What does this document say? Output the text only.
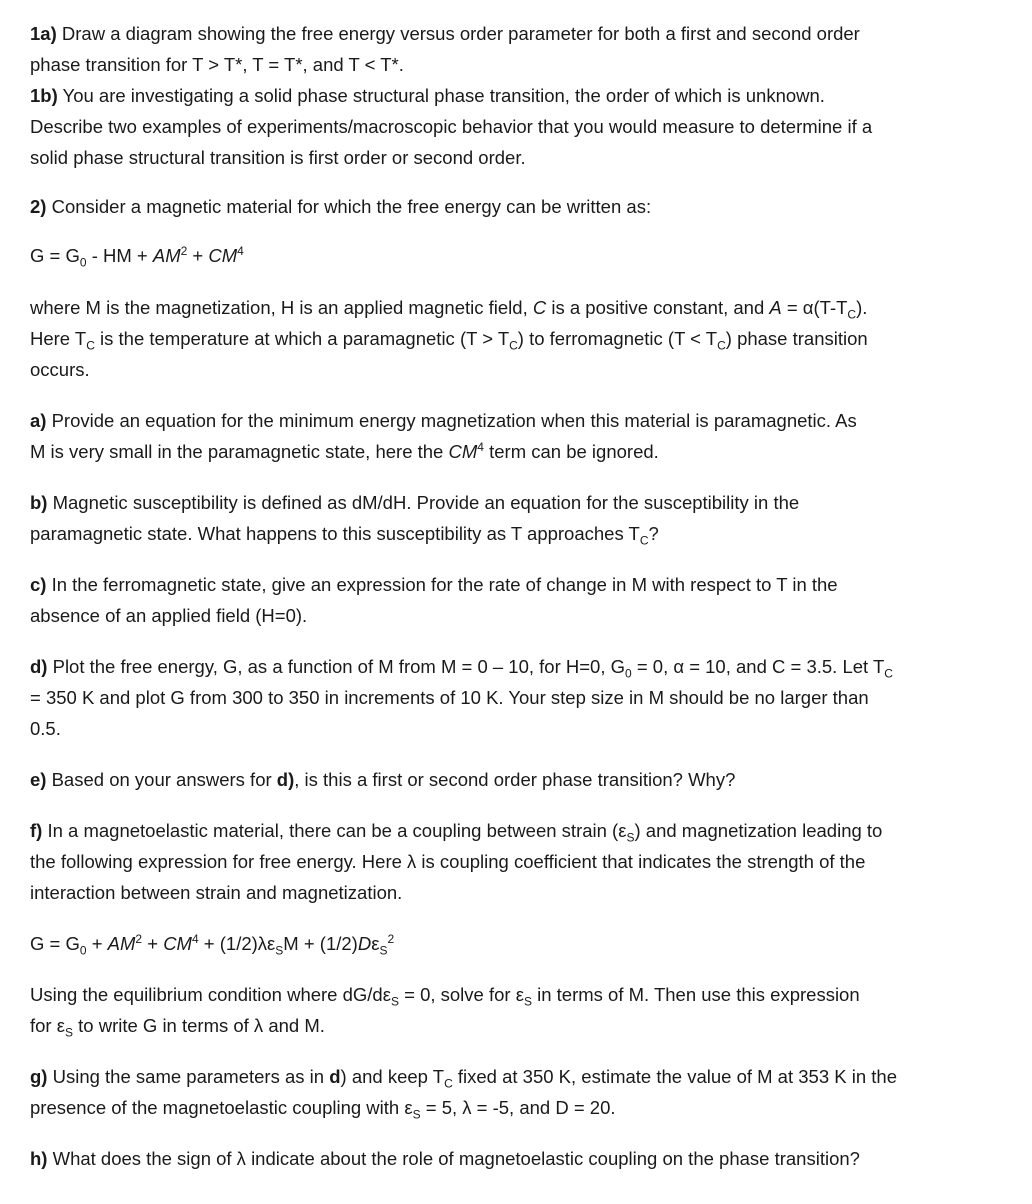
1a) Draw a diagram showing the free energy versus order parameter for both a first and second order
phase transition for T > T*, T = T*, and T < T*.

1b) You are investigating a solid phase structural phase transition, the order of which is unknown.
Describe two examples of experiments/macroscopic behavior that you would measure to determine if a
solid phase structural transition is first order or second order.

2) Consider a magnetic material for which the free energy can be written as:

$G = G_0$ - HM + $AM^2 + CM^4$

where M is the magnetization, H is an applied magnetic field, C is a positive constant, and $A = \alpha(T-T_C)$.
Here $T_C$ is the temperature at which a paramagnetic $(T > T_C)$ to ferromagnetic $(T < T_C)$ phase transition
occurs.

a) Provide an equation for the minimum energy magnetization when this material is paramagnetic. As
M is very small in the paramagnetic state, here the $CM^4$ term can be ignored.

b) Magnetic susceptibility is defined as dM/dH. Provide an equation for the susceptibility in the
paramagnetic state. What happens to this susceptibility as T approaches $T_C$?

c) In the ferromagnetic state, give an expression for the rate of change in M with respect to T in the
absence of an applied field (H=0).

d) Plot the free energy, G, as a function of M from M = 0 – 10, for H=0, $G_0 = 0$, α = 10, and C = 3.5. Let $T_C$
= 350 K and plot G from 300 to 350 in increments of 10 K. Your step size in M should be no larger than
0.5.

e) Based on your answers for d), is this a first or second order phase transition? Why?

f) In a magnetoelastic material, there can be a coupling between strain $(\varepsilon_S)$ and magnetization leading to
the following expression for free energy. Here λ is coupling coefficient that indicates the strength of the
interaction between strain and magnetization.

$G = G_0 + AM^2 + CM^4 + (1/2)\lambda\varepsilon_SM + (1/2)D\varepsilon_S^2$

Using the equilibrium condition where $dG/d\varepsilon_S = 0$, solve for $\varepsilon_S$ in terms of M. Then use this expression
for $\varepsilon_S$ to write G in terms of λ and M.

g) Using the same parameters as in d) and keep $T_C$ fixed at 350 K, estimate the value of M at 353 K in the
presence of the magnetoelastic coupling with $\varepsilon_S = 5$, λ = -5, and D = 20.

h) What does the sign of λ indicate about the role of magnetoelastic coupling on the phase transition?
